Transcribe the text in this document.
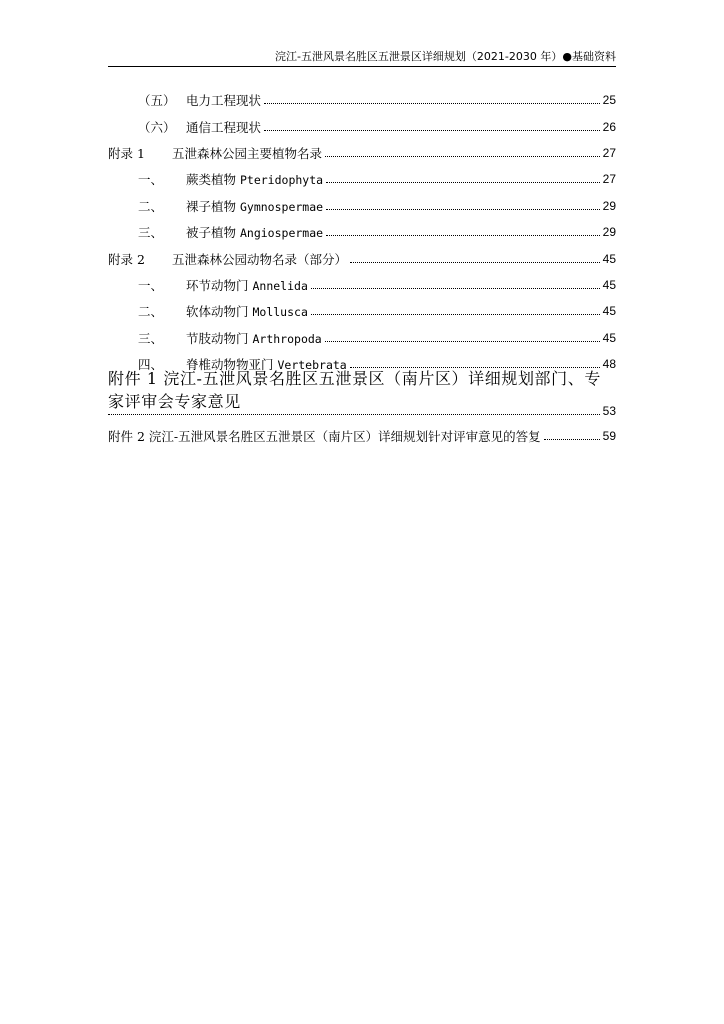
浣江-五泄风景名胜区五泄景区详细规划（2021-2030 年）●基础资料
（五） 电力工程现状	25
（六） 通信工程现状	26
附录 1	五泄森林公园主要植物名录	27
一、	蕨类植物 Pteridophyta	27
二、	裸子植物 Gymnospermae	29
三、	被子植物 Angiospermae	29
附录 2	五泄森林公园动物名录（部分）	45
一、	环节动物门 Annelida	45
二、	软体动物门 Mollusca	45
三、	节肢动物门 Arthropoda	45
四、	脊椎动物物亚门 Vertebrata	48
附件 1 浣江-五泄风景名胜区五泄景区（南片区）详细规划部门、专家评审会专家意见	53
附件 2 浣江-五泄风景名胜区五泄景区（南片区）详细规划针对评审意见的答复	59
